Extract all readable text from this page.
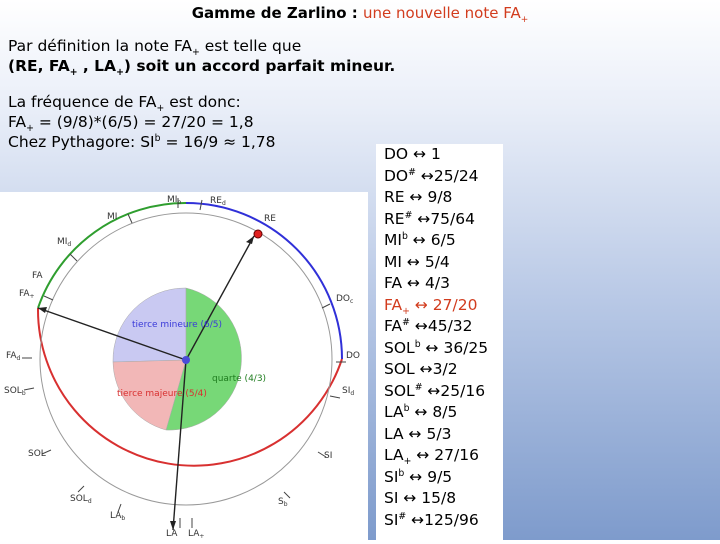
Gamme de Zarlino : une nouvelle note $FA_+$
Par définition la note $FA_+$ est telle que
(RE, $FA_+$ , $LA_+$) soit un accord parfait mineur.
La fréquence de $FA_+$ est donc:
$FA_+ = (9/8)*(6/5) = 27/20 = 1,8$
Chez Pythagore: $SI^b = 16/9 \approx 1,78$
$MI_b$	$RE_d$
MI	RE
$MI_d$
FA
$FA_+$	$DO_c$
$FA_d$	DO
$SOL_b$	$SI_d$
SOL	SI
$SOL_d$	$S_b$
$LA_b$
LA $LA_+$
tierce mineure (6/5)
quarte (4/3)
tierce majeure (5/4)
DO ↔ 1
DO# ↔25/24
RE ↔ 9/8
RE# ↔75/64
$MI^b$ ↔ 6/5
MI ↔ 5/4
FA ↔ 4/3
$FA_+$ ↔ 27/20
FA# ↔45/32
SOL$^b$ ↔ 36/25
SOL ↔3/2
SOL# ↔25/16
$LA^b$ ↔ 8/5
LA ↔ 5/3
$LA_+$ ↔ 27/16
$SI^b$ ↔ 9/5
SI ↔ 15/8
SI# ↔125/96
